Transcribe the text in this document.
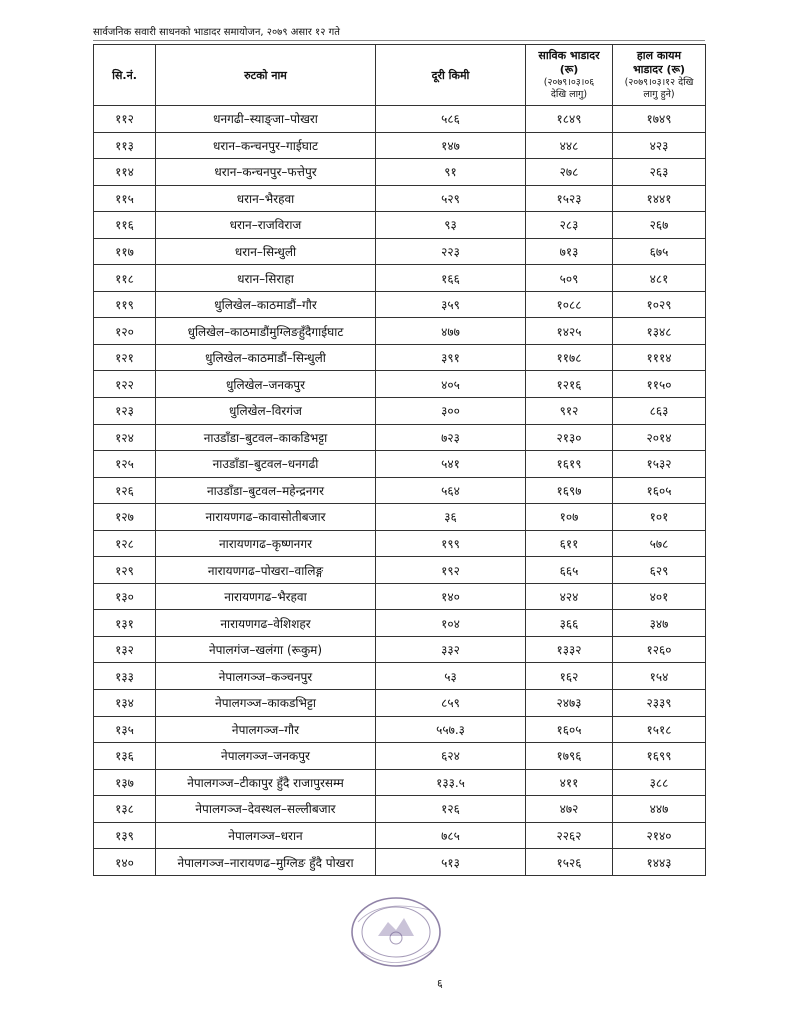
सार्वजनिक सवारी साधनको भाडादर समायोजन, २०७९ असार १२ गते
सि.नं.	रुटको नाम	दूरी किमी	साविक भाडादर
(रू)
(२०७९।०३।०६
देखि लागु)	हाल कायम
भाडादर (रू)
(२०७९।०३।१२ देखि
लागु हुने)

११२	धनगढी–स्याङ्जा–पोखरा	५८६	१८४९	१७४९
११३	धरान–कन्चनपुर–गाईघाट	१४७	४४८	४२३
११४	धरान–कन्चनपुर–फत्तेपुर	९१	२७८	२६३
११५	धरान–भैरहवा	५२९	१५२३	१४४१
११६	धरान–राजविराज	९३	२८३	२६७
११७	धरान–सिन्धुली	२२३	७१३	६७५
११८	धरान–सिराहा	१६६	५०९	४८१
११९	धुलिखेल–काठमाडौं–गौर	३५९	१०८८	१०२९
१२०	धुलिखेल–काठमाडौंमुग्लिङहुँदैगाईघाट	४७७	१४२५	१३४८
१२१	धुलिखेल–काठमाडौं–सिन्धुली	३९१	११७८	१११४
१२२	धुलिखेल–जनकपुर	४०५	१२१६	११५०
१२३	धुलिखेल–विरगंज	३००	९१२	८६३
१२४	नाउडाँडा–बुटवल–काकडिभट्टा	७२३	२१३०	२०१४
१२५	नाउडाँडा–बुटवल–धनगढी	५४१	१६१९	१५३२
१२६	नाउडाँडा–बुटवल–महेन्द्रनगर	५६४	१६९७	१६०५
१२७	नारायणगढ–कावासोतीबजार	३६	१०७	१०१
१२८	नारायणगढ–कृष्णनगर	१९९	६११	५७८
१२९	नारायणगढ–पोखरा–वालिङ्ग	१९२	६६५	६२९
१३०	नारायणगढ–भैरहवा	१४०	४२४	४०१
१३१	नारायणगढ–वेशिशहर	१०४	३६६	३४७
१३२	नेपालगंज–खलंगा (रूकुम)	३३२	१३३२	१२६०
१३३	नेपालगञ्ज–कञ्चनपुर	५३	१६२	१५४
१३४	नेपालगञ्ज–काकडभिट्टा	८५९	२४७३	२३३९
१३५	नेपालगञ्ज–गौर	५५७.३	१६०५	१५१८
१३६	नेपालगञ्ज–जनकपुर	६२४	१७९६	१६९९
१३७	नेपालगञ्ज–टीकापुर हुँदै राजापुरसम्म	१३३.५	४११	३८८
१३८	नेपालगञ्ज–देवस्थल–सल्लीबजार	१२६	४७२	४४७
१३९	नेपालगञ्ज–धरान	७८५	२२६२	२१४०
१४०	नेपालगञ्ज–नारायणढ–मुग्लिङ हुँदै पोखरा	५१३	१५२६	१४४३
६
